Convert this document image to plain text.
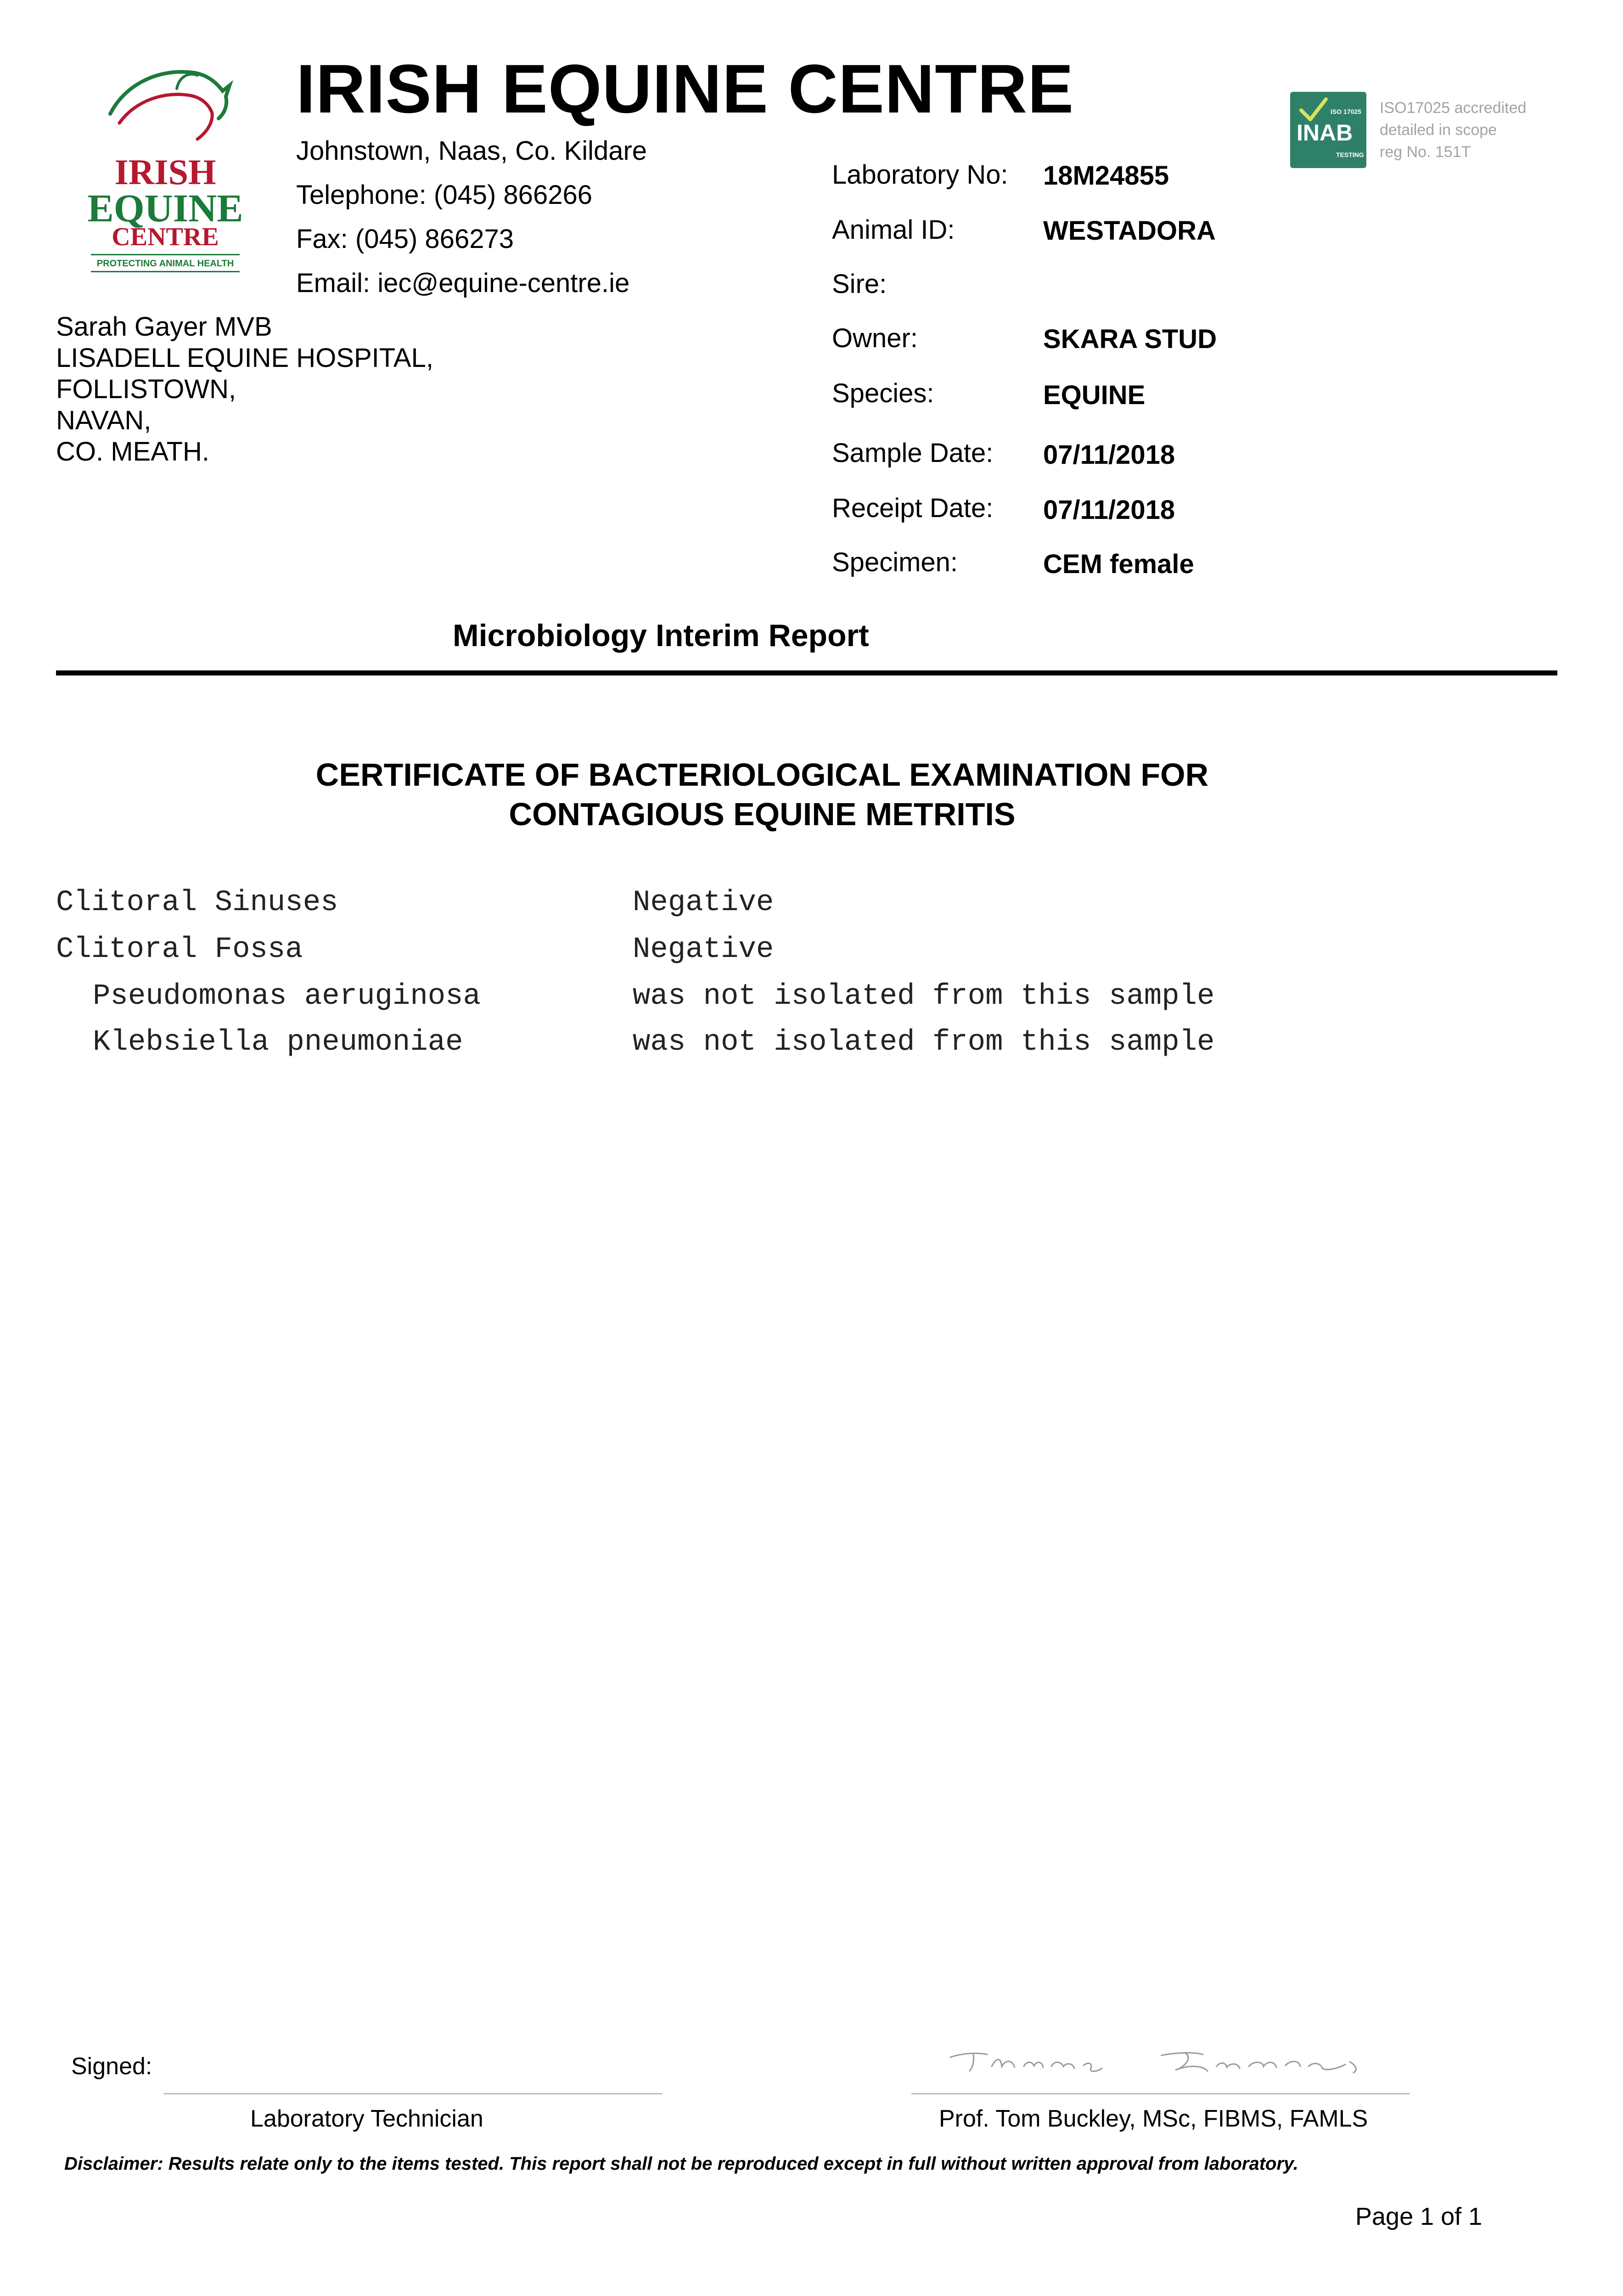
IRISH
EQUINE
CENTRE
PROTECTING ANIMAL HEALTH
IRISH EQUINE CENTRE
Johnstown, Naas, Co. Kildare
Telephone: (045) 866266
Fax: (045) 866273
Email: iec@equine-centre.ie
ISO 17025
INAB
TESTING
ISO17025 accredited
detailed in scope
reg No. 151T
Sarah Gayer MVB
LISADELL EQUINE HOSPITAL,
FOLLISTOWN,
NAVAN,
CO. MEATH.
Laboratory No: 18M24855
Animal ID:	WESTADORA
Sire:
Owner:	SKARA STUD
Species:	EQUINE
Sample Date: 07/11/2018
Receipt Date: 07/11/2018
Specimen:	CEM female
Microbiology Interim Report
CERTIFICATE OF BACTERIOLOGICAL EXAMINATION FOR
CONTAGIOUS EQUINE METRITIS
Clitoral Sinuses	Negative
Clitoral Fossa	Negative
Pseudomonas aeruginosa	was not isolated from this sample
Klebsiella pneumoniae	was not isolated from this sample
Signed:
Laboratory Technician	Prof. Tom Buckley, MSc, FIBMS, FAMLS
Disclaimer: Results relate only to the items tested. This report shall not be reproduced except in full without written approval from laboratory.
Page 1 of 1
